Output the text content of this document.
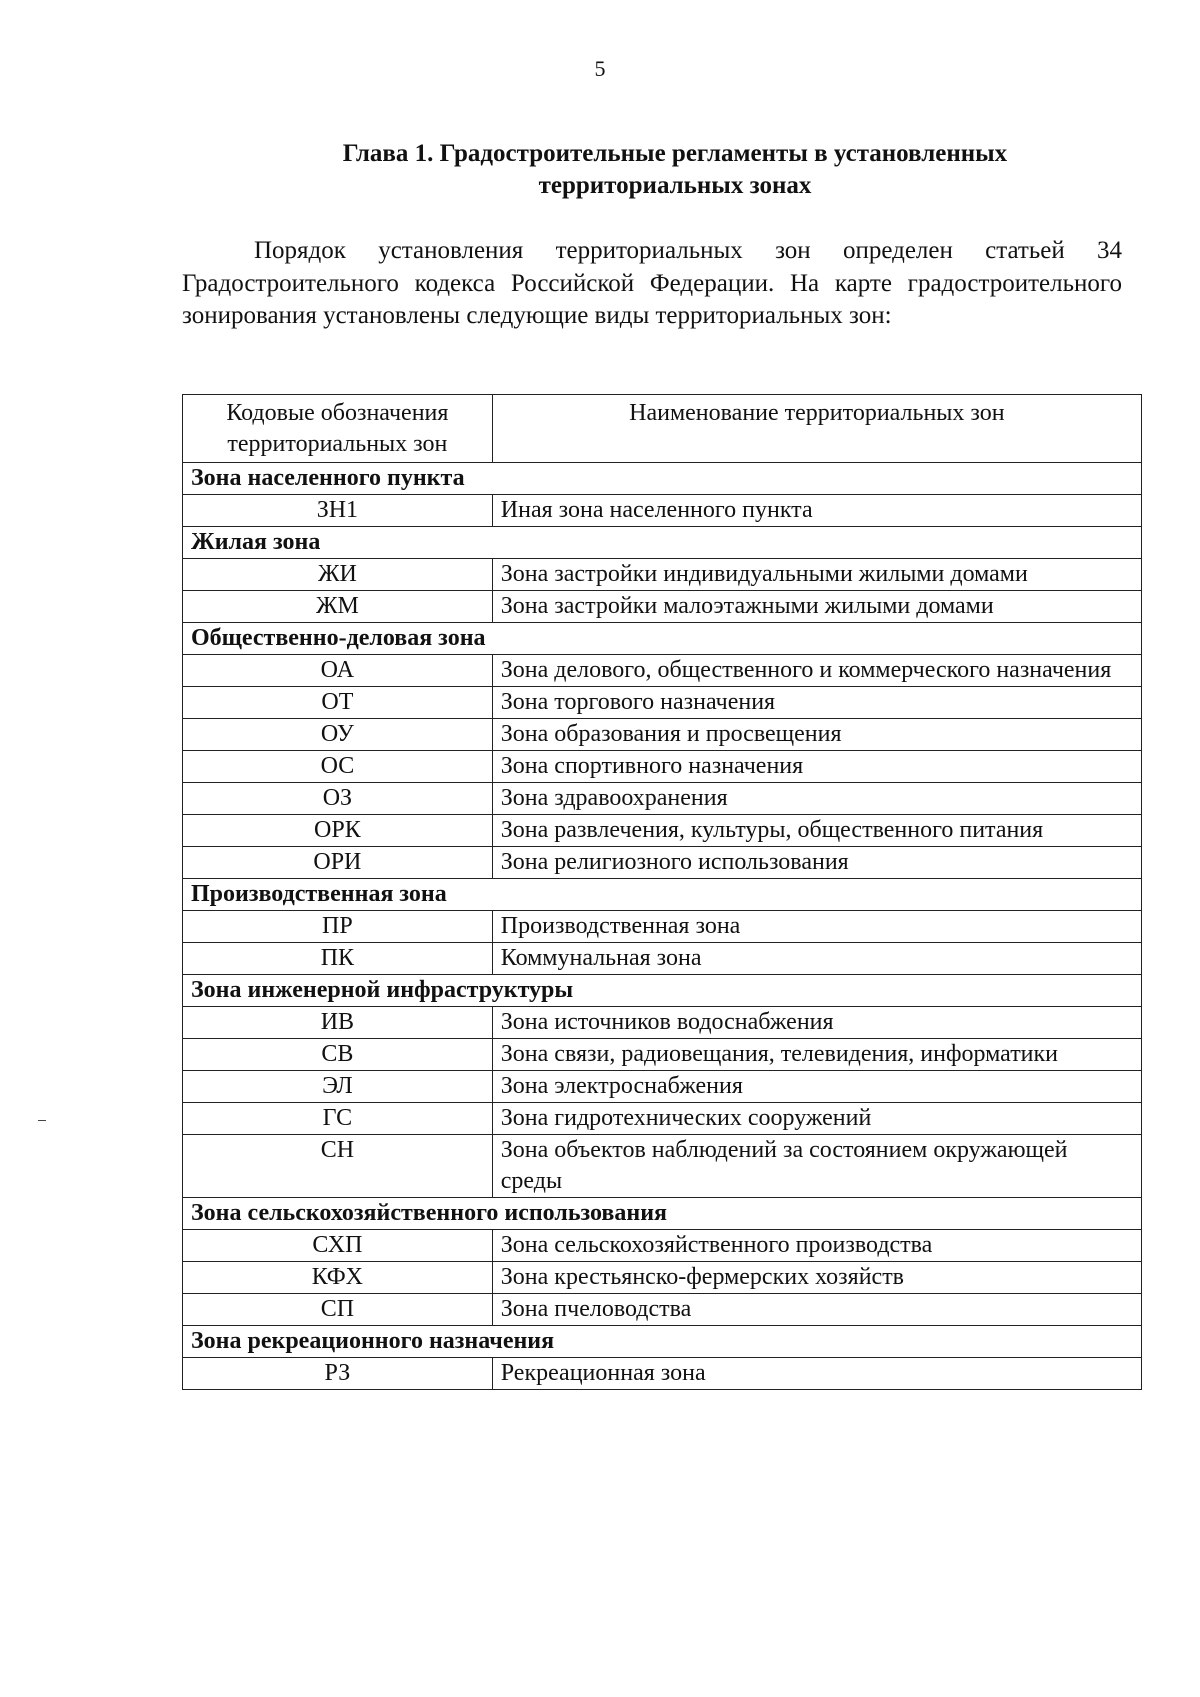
5
Глава 1. Градостроительные регламенты в установленных
территориальных зонах

Порядок установления территориальных зон определен статьей 34 Градостроительного кодекса Российской Федерации. На карте градостроительного зонирования установлены следующие виды территориальных зон:

Кодовые обозначения территориальных зон	Наименование территориальных зон
Зона населенного пункта	
ЗН1	Иная зона населенного пункта
Жилая зона	
ЖИ	Зона застройки индивидуальными жилыми домами
ЖМ	Зона застройки малоэтажными жилыми домами
Общественно-деловая зона	
ОА	Зона делового, общественного и коммерческого назначения
ОТ	Зона торгового назначения
ОУ	Зона образования и просвещения
ОС	Зона спортивного назначения
ОЗ	Зона здравоохранения
ОРК	Зона развлечения, культуры, общественного питания
ОРИ	Зона религиозного использования
Производственная зона	
ПР	Производственная зона
ПК	Коммунальная зона
Зона инженерной инфраструктуры	
ИВ	Зона источников водоснабжения
СВ	Зона связи, радиовещания, телевидения, информатики
ЭЛ	Зона электроснабжения
ГС	Зона гидротехнических сооружений
СН	Зона объектов наблюдений за состоянием окружающей среды
Зона сельскохозяйственного использования	
СХП	Зона сельскохозяйственного производства
КФХ	Зона крестьянско-фермерских хозяйств
СП	Зона пчеловодства
Зона рекреационного назначения	
РЗ	Рекреационная зона
